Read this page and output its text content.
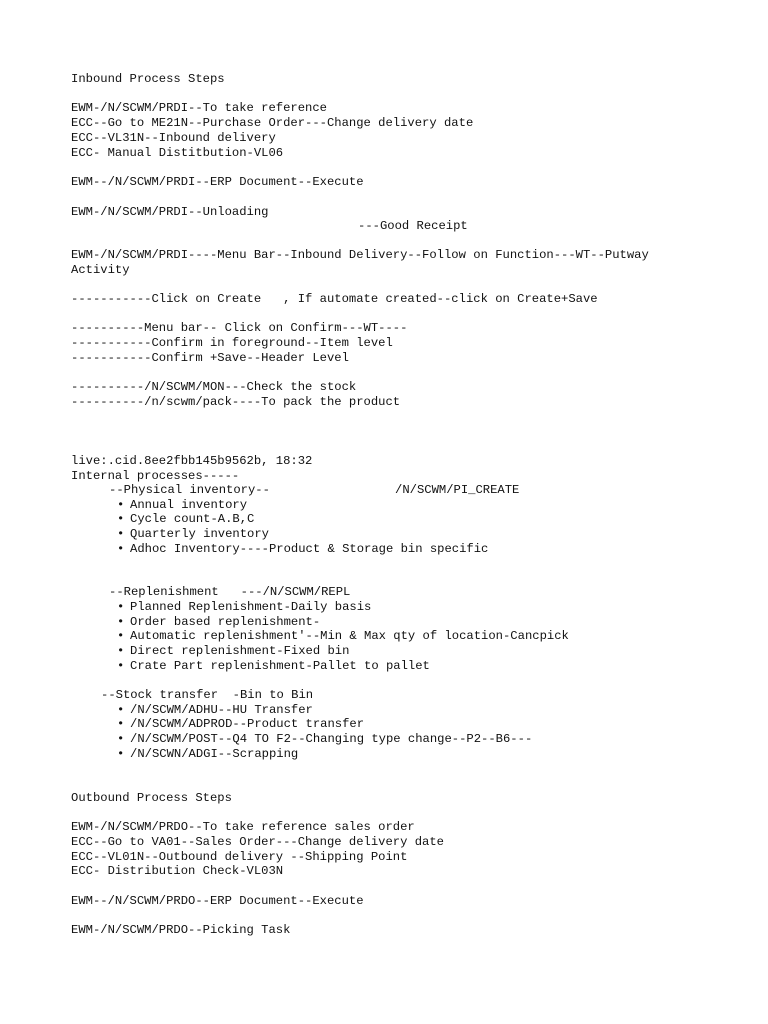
Inbound Process Steps
EWM-/N/SCWM/PRDI--To take reference
ECC--Go to ME21N--Purchase Order---Change delivery date
ECC--VL31N--Inbound delivery
ECC- Manual Distitbution-VL06
EWM--/N/SCWM/PRDI--ERP Document--Execute
EWM-/N/SCWM/PRDI--Unloading
---Good Receipt
EWM-/N/SCWM/PRDI----Menu Bar--Inbound Delivery--Follow on Function---WT--Putway
Activity
-----------Click on Create   , If automate created--click on Create+Save
----------Menu bar-- Click on Confirm---WT----
-----------Confirm in foreground--Item level
-----------Confirm +Save--Header Level
----------/N/SCWM/MON---Check the stock
----------/n/scwm/pack----To pack the product
live:.cid.8ee2fbb145b9562b, 18:32
Internal processes-----
--Physical inventory--	/N/SCWM/PI_CREATE
• Annual inventory
• Cycle count-A.B,C
• Quarterly inventory
• Adhoc Inventory----Product & Storage bin specific
--Replenishment   ---/N/SCWM/REPL
• Planned Replenishment-Daily basis
• Order based replenishment-
• Automatic replenishment'--Min & Max qty of location-Cancpick
• Direct replenishment-Fixed bin
• Crate Part replenishment-Pallet to pallet
--Stock transfer  -Bin to Bin
• /N/SCWM/ADHU--HU Transfer
• /N/SCWM/ADPROD--Product transfer
• /N/SCWM/POST--Q4 TO F2--Changing type change--P2--B6---
• /N/SCWN/ADGI--Scrapping
Outbound Process Steps
EWM-/N/SCWM/PRDO--To take reference sales order
ECC--Go to VA01--Sales Order---Change delivery date
ECC--VL01N--Outbound delivery --Shipping Point
ECC- Distribution Check-VL03N
EWM--/N/SCWM/PRDO--ERP Document--Execute
EWM-/N/SCWM/PRDO--Picking Task
